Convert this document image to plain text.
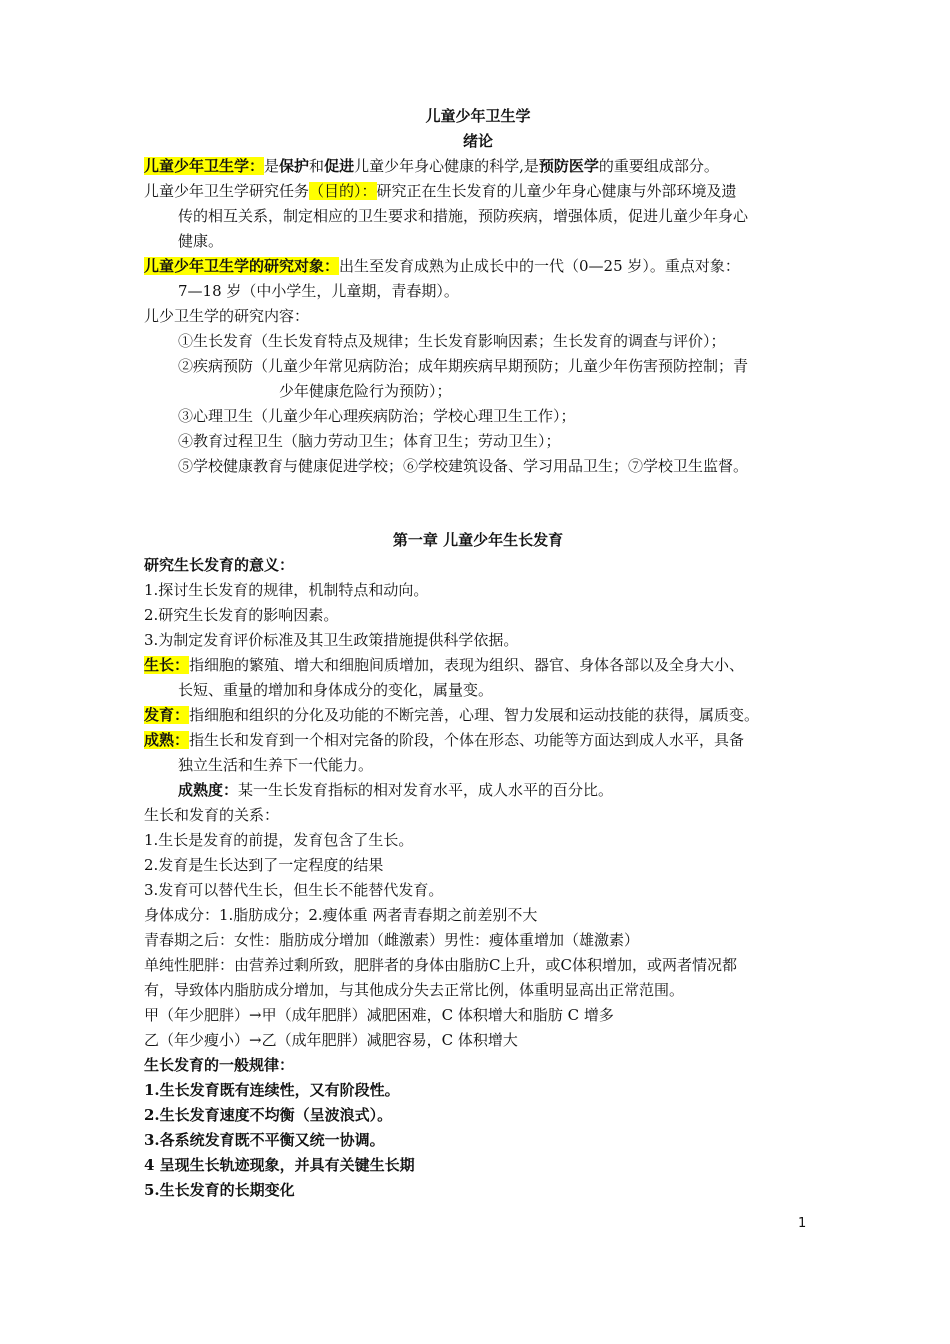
儿童少年卫生学
绪论
儿童少年卫生学：是保护和促进儿童少年身心健康的科学,是预防医学的重要组成部分。
儿童少年卫生学研究任务（目的）：研究正在生长发育的儿童少年身心健康与外部环境及遗
传的相互关系，制定相应的卫生要求和措施，预防疾病，增强体质，促进儿童少年身心
健康。
儿童少年卫生学的研究对象：出生至发育成熟为止成长中的一代（0—25 岁）。重点对象：
7—18 岁（中小学生，儿童期，青春期）。
儿少卫生学的研究内容：
①生长发育（生长发育特点及规律；生长发育影响因素；生长发育的调查与评价）；
②疾病预防（儿童少年常见病防治；成年期疾病早期预防；儿童少年伤害预防控制；青
少年健康危险行为预防）；
③心理卫生（儿童少年心理疾病防治；学校心理卫生工作）；
④教育过程卫生（脑力劳动卫生；体育卫生；劳动卫生）；
⑤学校健康教育与健康促进学校；⑥学校建筑设备、学习用品卫生；⑦学校卫生监督。
第一章 儿童少年生长发育
研究生长发育的意义：
1.探讨生长发育的规律，机制特点和动向。
2.研究生长发育的影响因素。
3.为制定发育评价标准及其卫生政策措施提供科学依据。
生长：指细胞的繁殖、增大和细胞间质增加，表现为组织、器官、身体各部以及全身大小、
长短、重量的增加和身体成分的变化，属量变。
发育：指细胞和组织的分化及功能的不断完善，心理、智力发展和运动技能的获得，属质变。
成熟：指生长和发育到一个相对完备的阶段，个体在形态、功能等方面达到成人水平，具备
独立生活和生养下一代能力。
成熟度：某一生长发育指标的相对发育水平，成人水平的百分比。
生长和发育的关系：
1.生长是发育的前提，发育包含了生长。
2.发育是生长达到了一定程度的结果
3.发育可以替代生长，但生长不能替代发育。
身体成分：1.脂肪成分；2.瘦体重 两者青春期之前差别不大
青春期之后：女性：脂肪成分增加（雌激素）男性：瘦体重增加（雄激素）
单纯性肥胖：由营养过剩所致，肥胖者的身体由脂肪C上升，或C体积增加，或两者情况都
有，导致体内脂肪成分增加，与其他成分失去正常比例，体重明显高出正常范围。
甲（年少肥胖）→甲（成年肥胖）减肥困难，C 体积增大和脂肪 C 增多
乙（年少瘦小）→乙（成年肥胖）减肥容易，C 体积增大
生长发育的一般规律：
1.生长发育既有连续性，又有阶段性。
2.生长发育速度不均衡（呈波浪式）。
3.各系统发育既不平衡又统一协调。
4 呈现生长轨迹现象，并具有关键生长期
5.生长发育的长期变化
1
